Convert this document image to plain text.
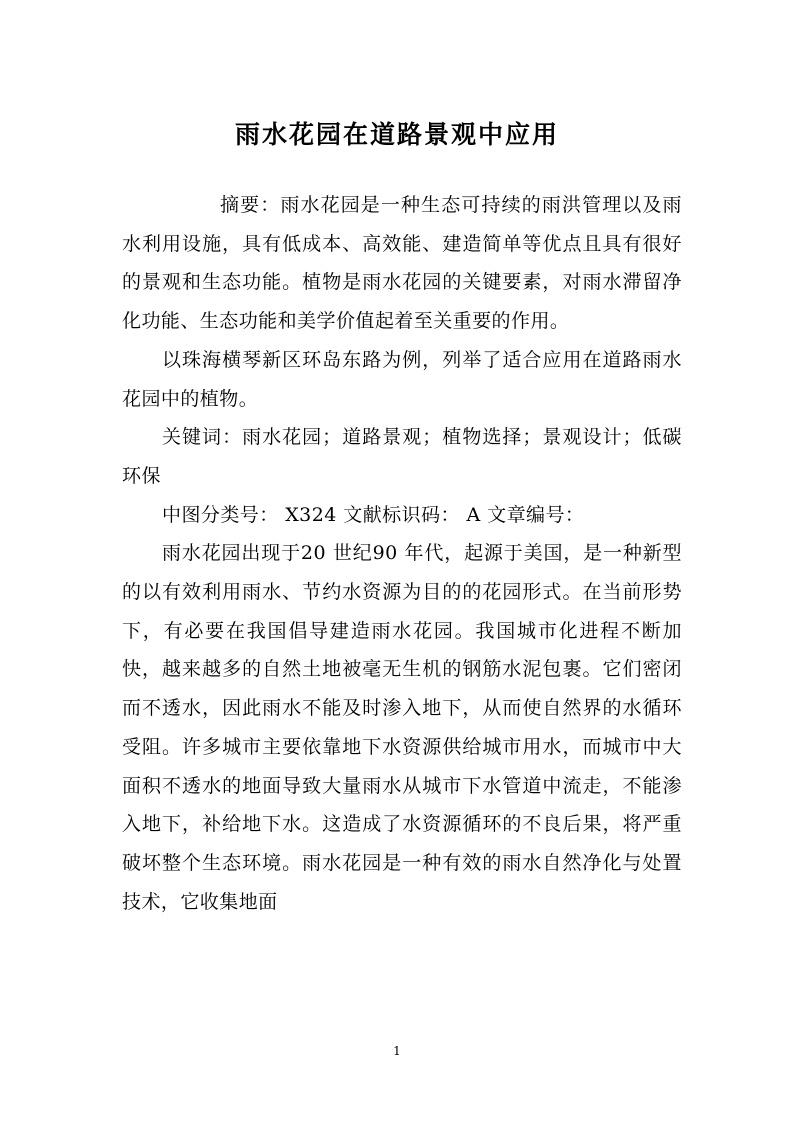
雨水花园在道路景观中应用

摘要：雨水花园是一种生态可持续的雨洪管理以及雨水利用设施，具有低成本、高效能、建造简单等优点且具有很好的景观和生态功能。植物是雨水花园的关键要素，对雨水滞留净化功能、生态功能和美学价值起着至关重要的作用。

以珠海横琴新区环岛东路为例，列举了适合应用在道路雨水花园中的植物。

关键词：雨水花园；道路景观；植物选择；景观设计；低碳环保

中图分类号： X324 文献标识码： A 文章编号：

雨水花园出现于20 世纪90 年代，起源于美国，是一种新型的以有效利用雨水、节约水资源为目的的花园形式。在当前形势下，有必要在我国倡导建造雨水花园。我国城市化进程不断加快，越来越多的自然土地被毫无生机的钢筋水泥包裹。它们密闭而不透水，因此雨水不能及时渗入地下，从而使自然界的水循环受阻。许多城市主要依靠地下水资源供给城市用水，而城市中大面积不透水的地面导致大量雨水从城市下水管道中流走，不能渗入地下，补给地下水。这造成了水资源循环的不良后果，将严重破坏整个生态环境。雨水花园是一种有效的雨水自然净化与处置技术，它收集地面

1
